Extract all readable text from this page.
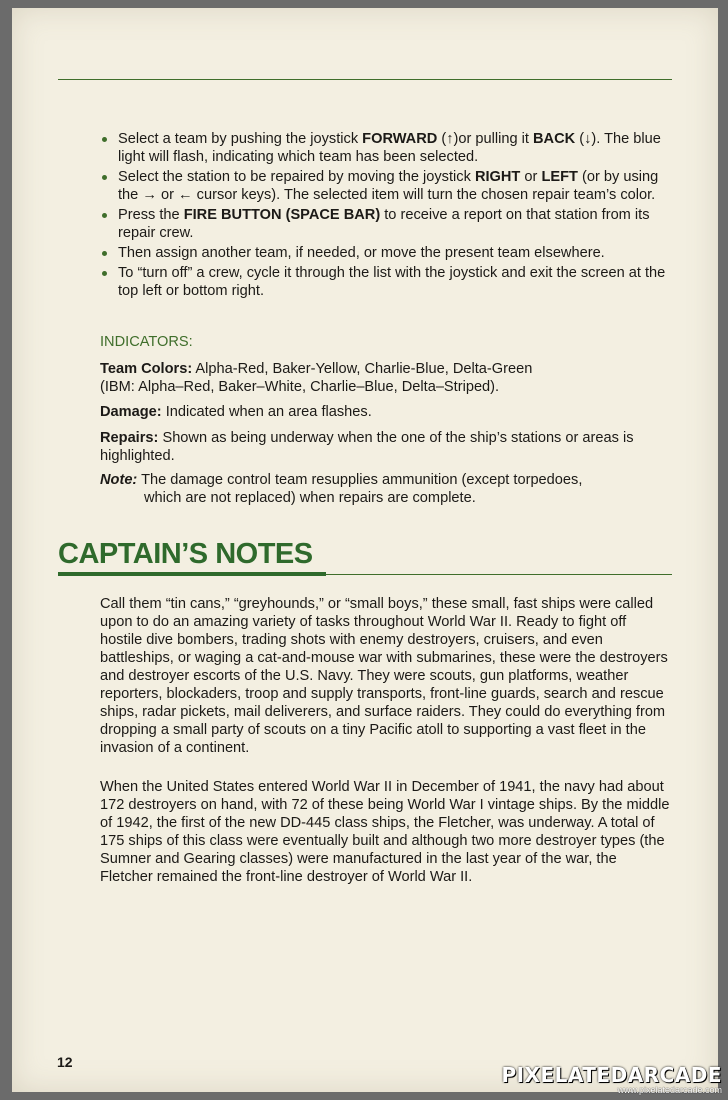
Select a team by pushing the joystick FORWARD (↑)or pulling it BACK (↓). The blue light will flash, indicating which team has been selected.
Select the station to be repaired by moving the joystick RIGHT or LEFT (or by using the → or ← cursor keys). The selected item will turn the chosen repair team’s color.
Press the FIRE BUTTON (SPACE BAR) to receive a report on that station from its repair crew.
Then assign another team, if needed, or move the present team elsewhere.
To “turn off” a crew, cycle it through the list with the joystick and exit the screen at the top left or bottom right.
INDICATORS:

Team Colors: Alpha-Red, Baker-Yellow, Charlie-Blue, Delta-Green
(IBM: Alpha–Red, Baker–White, Charlie–Blue, Delta–Striped).

Damage: Indicated when an area flashes.

Repairs: Shown as being underway when the one of the ship’s stations or areas is highlighted.

Note: The damage control team resupplies ammunition (except torpedoes,
which are not replaced) when repairs are complete.

CAPTAIN’S NOTES

Call them “tin cans,” “greyhounds,” or “small boys,” these small, fast ships were called upon to do an amazing variety of tasks throughout World War II. Ready to fight off hostile dive bombers, trading shots with enemy destroyers, cruisers, and even battleships, or waging a cat-and-mouse war with submarines, these were the destroyers and destroyer escorts of the U.S. Navy. They were scouts, gun platforms, weather reporters, blockaders, troop and supply transports, front-line guards, search and rescue ships, radar pickets, mail deliverers, and surface raiders. They could do everything from dropping a small party of scouts on a tiny Pacific atoll to supporting a vast fleet in the invasion of a continent.

When the United States entered World War II in December of 1941, the navy had about 172 destroyers on hand, with 72 of these being World War I vintage ships. By the middle of 1942, the first of the new DD-445 class ships, the Fletcher, was underway. A total of 175 ships of this class were eventually built and although two more destroyer types (the Sumner and Gearing classes) were manufactured in the last year of the war, the Fletcher remained the front-line destroyer of World War II.

12
PIXELATEDARCADE
www.pixelatedarcade.com
